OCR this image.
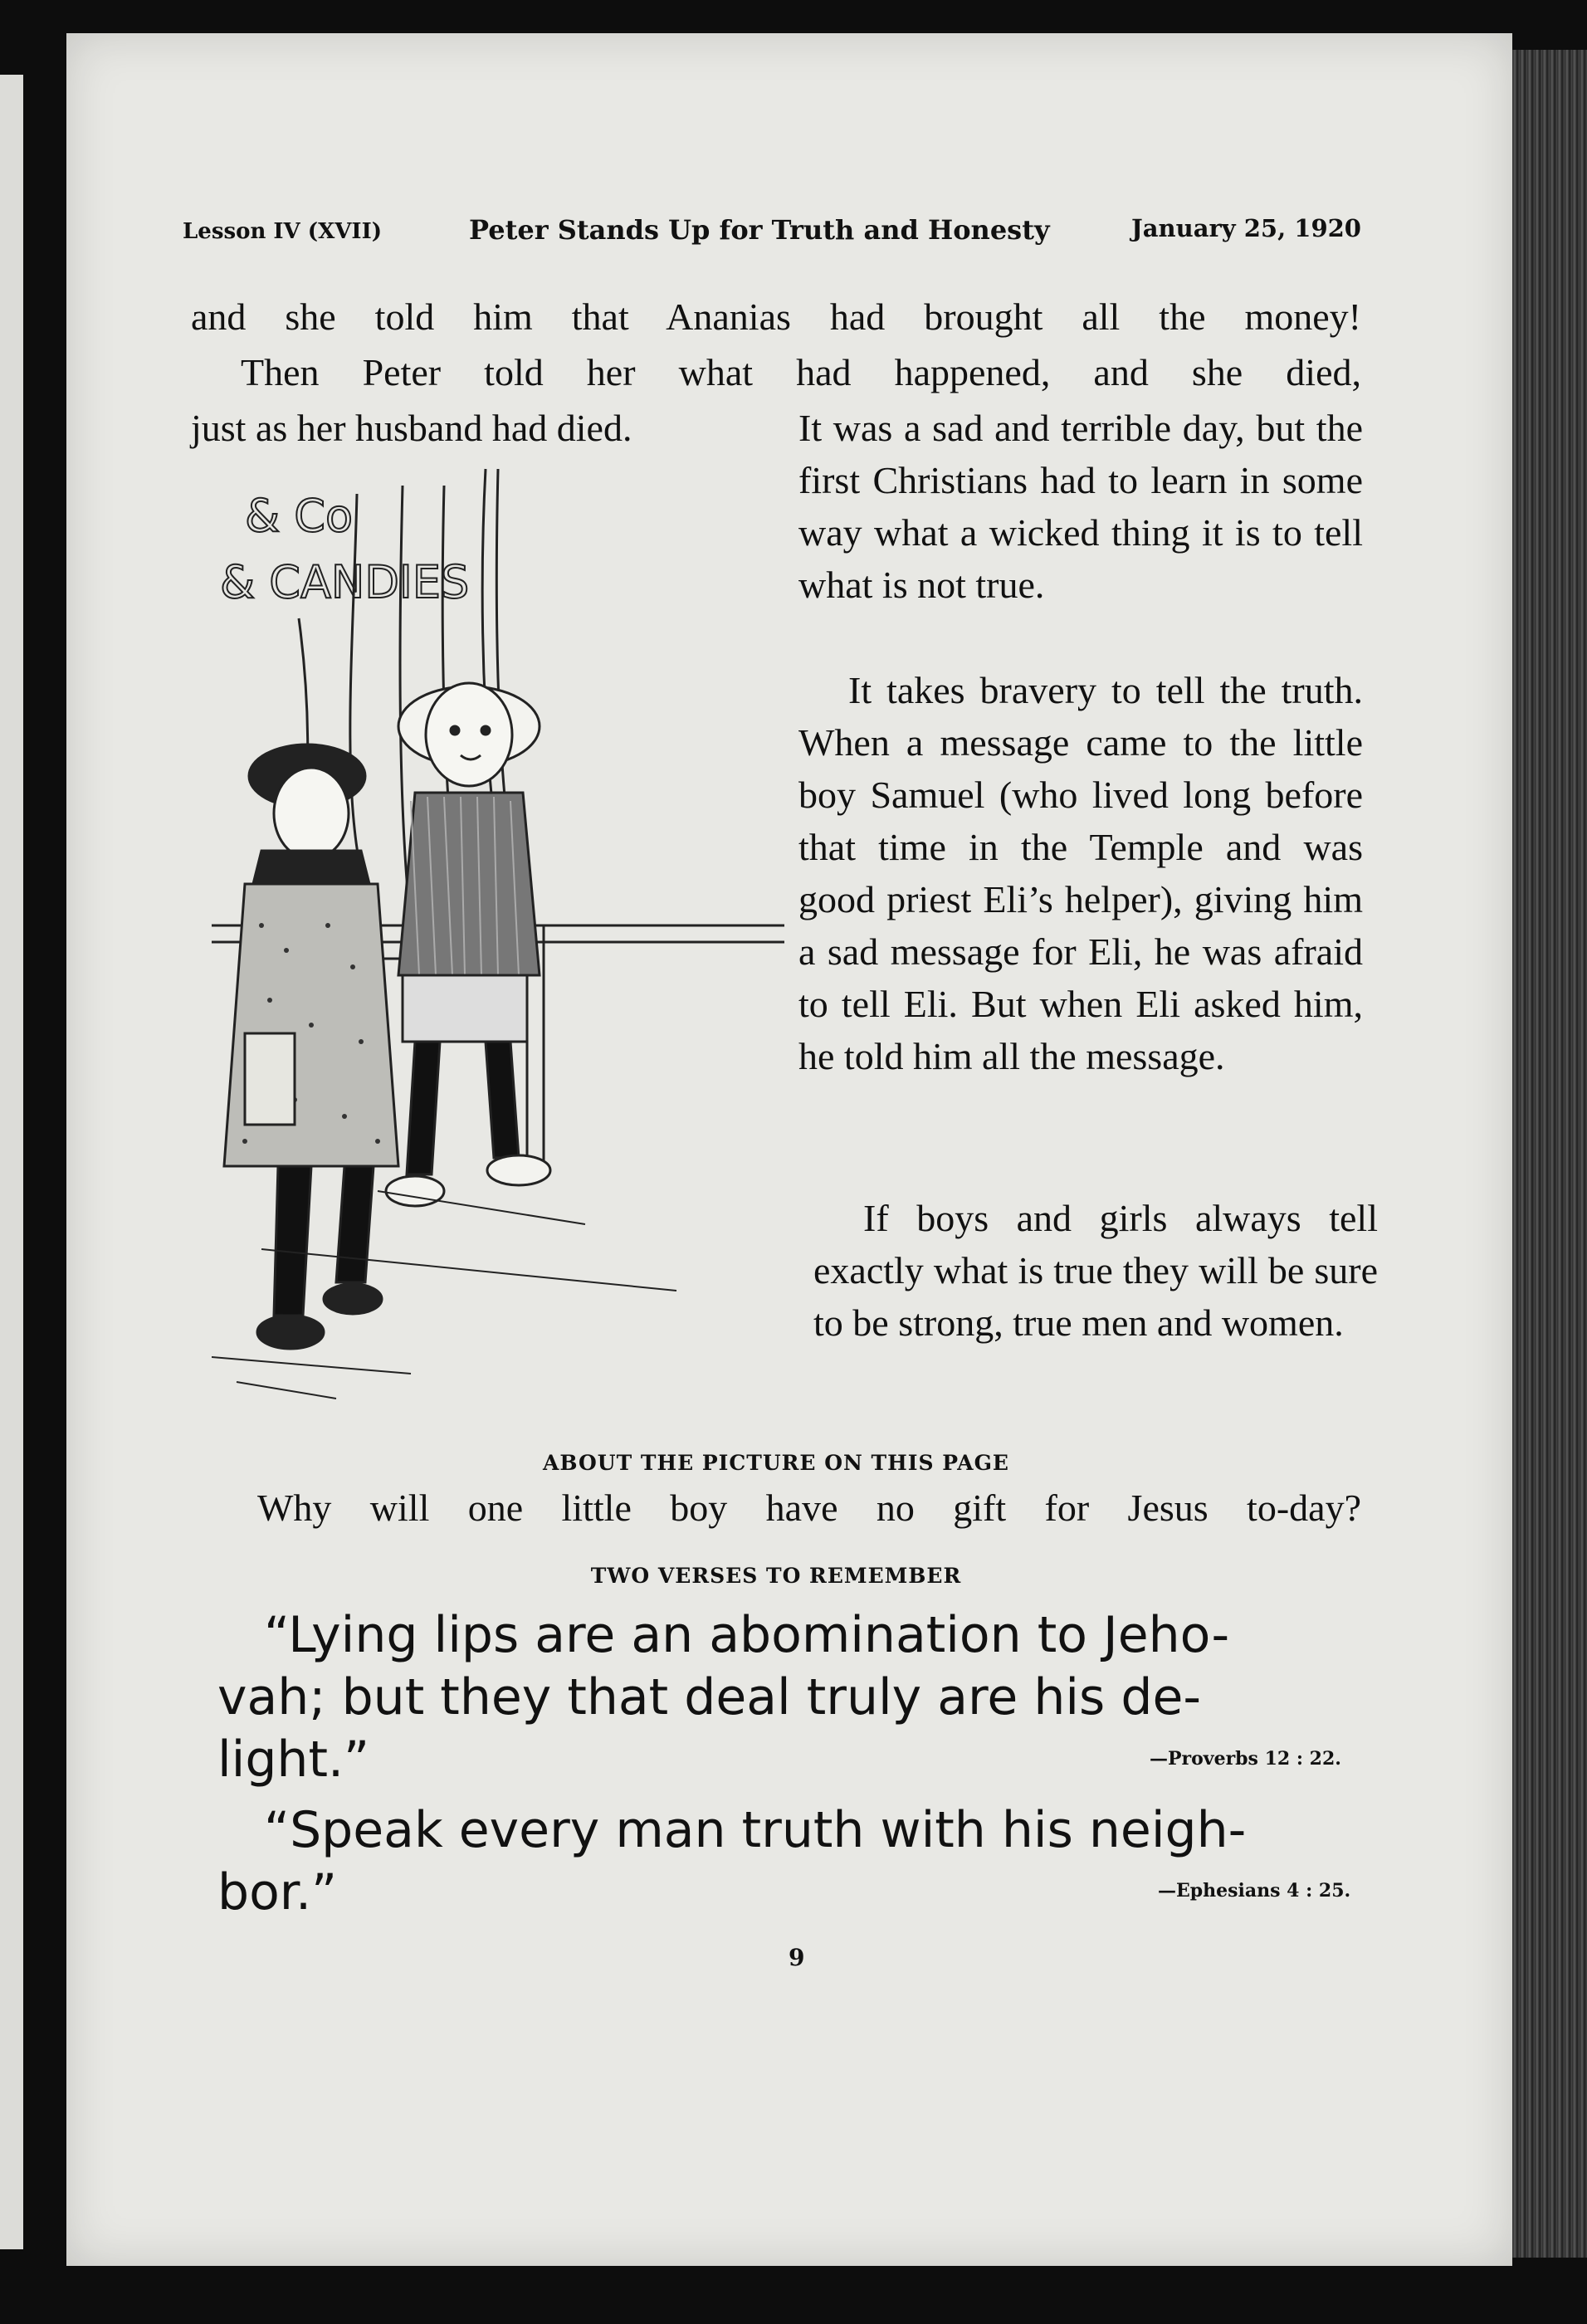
Lesson IV (XVII)	Peter Stands Up for Truth and Honesty	January 25, 1920
and she told him that Ananias had brought all the money!
Then Peter told her what had happened, and she died,
just as her husband had died.	It was a sad and terrible day, but the first Christians had to learn in some way what a wicked thing it is to tell what is not true.

It takes bravery to tell the truth. When a message came to the little boy Samuel (who lived long before that time in the Temple and was good priest Eli’s helper), giving him a sad message for Eli, he was afraid to tell Eli. But when Eli asked him, he told him all the message.

If boys and girls always tell exactly what is true they will be sure to be strong, true men and women.

& Co
& CANDIES
ABOUT THE PICTURE ON THIS PAGE
Why will one little boy have no gift for Jesus to-day?
TWO VERSES TO REMEMBER
“Lying lips are an abomination to Jeho-
vah; but they that deal truly are his de-
light.”	—Proverbs 12 : 22.
“Speak every man truth with his neigh-
bor.”	—Ephesians 4 : 25.
9
